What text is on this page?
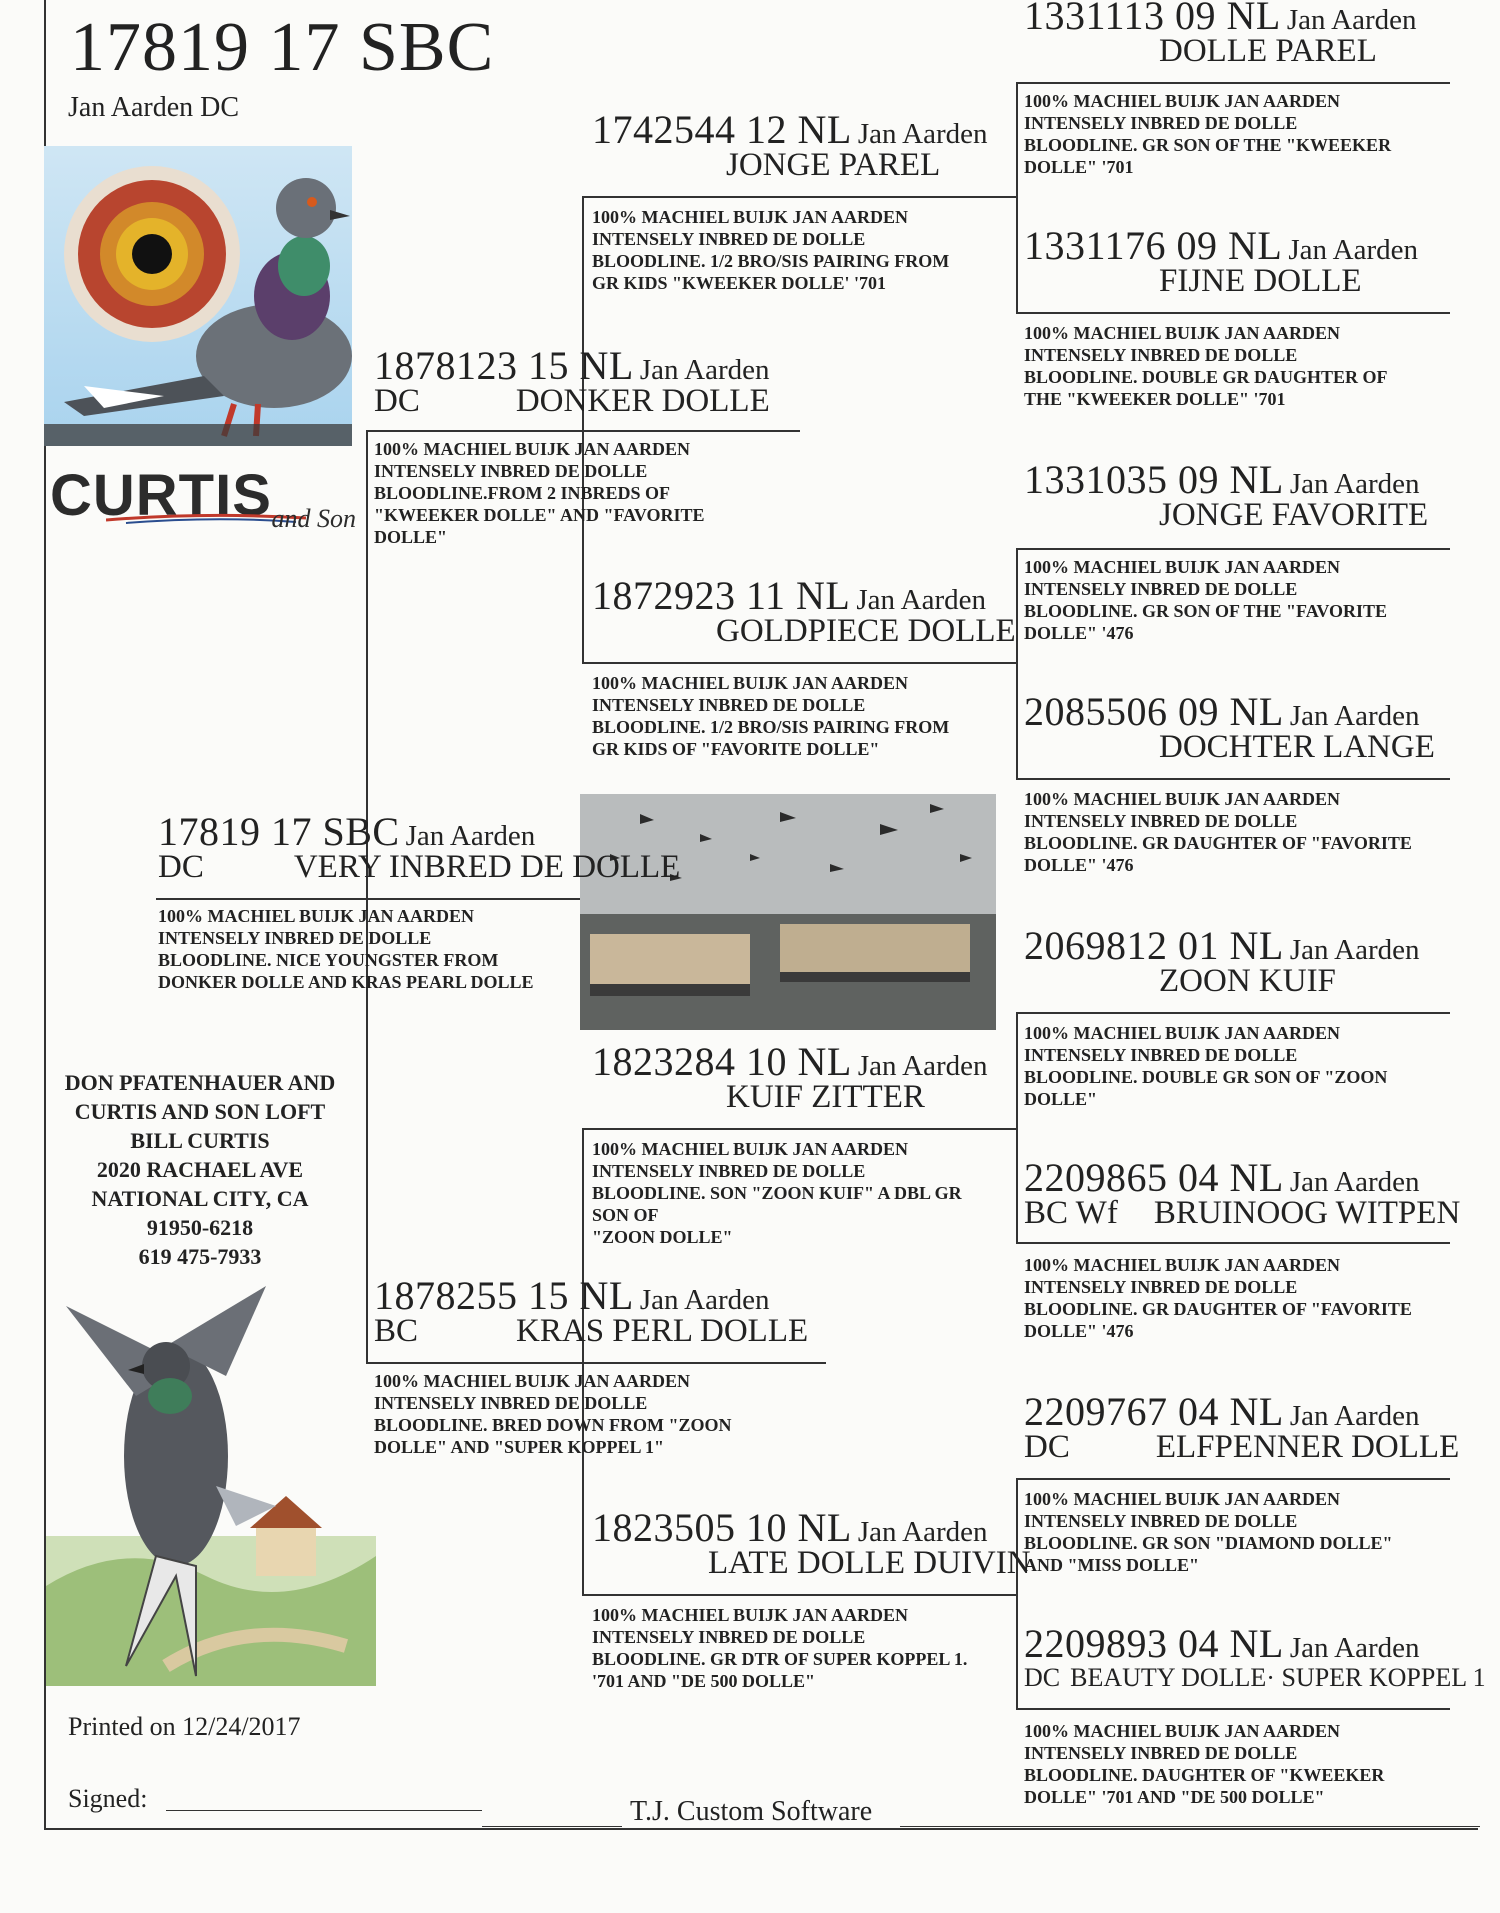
17819 17 SBC
Jan Aarden DC
CURTIS and Son
DON PFATENHAUER AND
CURTIS AND SON LOFT
BILL CURTIS
2020 RACHAEL AVE
NATIONAL CITY, CA
91950-6218
619 475-7933
Printed on 12/24/2017
Signed:	T.J. Custom Software
17819 17 SBC Jan Aarden
DC	VERY INBRED DE DOLLE
100% MACHIEL BUIJK JAN AARDEN
INTENSELY INBRED DE DOLLE
BLOODLINE. NICE YOUNGSTER FROM
DONKER DOLLE AND KRAS PEARL DOLLE
1878123 15 NL Jan Aarden
DC	DONKER DOLLE
100% MACHIEL BUIJK JAN AARDEN
INTENSELY INBRED DE DOLLE
BLOODLINE.FROM 2 INBREDS OF
"KWEEKER DOLLE" AND "FAVORITE
DOLLE"
1878255 15 NL Jan Aarden
BC	KRAS PERL DOLLE
100% MACHIEL BUIJK JAN AARDEN
INTENSELY INBRED DE DOLLE
BLOODLINE. BRED DOWN FROM "ZOON
DOLLE" AND "SUPER KOPPEL 1"
1742544 12 NL Jan Aarden
JONGE PAREL
100% MACHIEL BUIJK JAN AARDEN
INTENSELY INBRED DE DOLLE
BLOODLINE. 1/2 BRO/SIS PAIRING FROM
GR KIDS "KWEEKER DOLLE' '701
1872923 11 NL Jan Aarden
GOLDPIECE DOLLE
100% MACHIEL BUIJK JAN AARDEN
INTENSELY INBRED DE DOLLE
BLOODLINE. 1/2 BRO/SIS PAIRING FROM
GR KIDS OF "FAVORITE DOLLE"
1823284 10 NL Jan Aarden
KUIF ZITTER
100% MACHIEL BUIJK JAN AARDEN
INTENSELY INBRED DE DOLLE
BLOODLINE. SON "ZOON KUIF" A DBL GR
SON OF
"ZOON DOLLE"
1823505 10 NL Jan Aarden
LATE DOLLE DUIVIN
100% MACHIEL BUIJK JAN AARDEN
INTENSELY INBRED DE DOLLE
BLOODLINE. GR DTR OF SUPER KOPPEL 1.
'701 AND "DE 500 DOLLE"
1331113 09 NL Jan Aarden
DOLLE PAREL
100% MACHIEL BUIJK JAN AARDEN
INTENSELY INBRED DE DOLLE
BLOODLINE. GR SON OF THE "KWEEKER
DOLLE" '701
1331176 09 NL Jan Aarden
FIJNE DOLLE
100% MACHIEL BUIJK JAN AARDEN
INTENSELY INBRED DE DOLLE
BLOODLINE. DOUBLE GR DAUGHTER OF
THE "KWEEKER DOLLE" '701
1331035 09 NL Jan Aarden
JONGE FAVORITE
100% MACHIEL BUIJK JAN AARDEN
INTENSELY INBRED DE DOLLE
BLOODLINE. GR SON OF THE "FAVORITE
DOLLE" '476
2085506 09 NL Jan Aarden
DOCHTER LANGE
100% MACHIEL BUIJK JAN AARDEN
INTENSELY INBRED DE DOLLE
BLOODLINE. GR DAUGHTER OF "FAVORITE
DOLLE" '476
2069812 01 NL Jan Aarden
ZOON KUIF
100% MACHIEL BUIJK JAN AARDEN
INTENSELY INBRED DE DOLLE
BLOODLINE. DOUBLE GR SON OF "ZOON
DOLLE"
2209865 04 NL Jan Aarden
BC Wf BRUINOOG WITPEN
100% MACHIEL BUIJK JAN AARDEN
INTENSELY INBRED DE DOLLE
BLOODLINE. GR DAUGHTER OF "FAVORITE
DOLLE" '476
2209767 04 NL Jan Aarden
DC	ELFPENNER DOLLE
100% MACHIEL BUIJK JAN AARDEN
INTENSELY INBRED DE DOLLE
BLOODLINE. GR SON "DIAMOND DOLLE"
AND "MISS DOLLE"
2209893 04 NL Jan Aarden
DC BEAUTY DOLLE· SUPER KOPPEL 1
100% MACHIEL BUIJK JAN AARDEN
INTENSELY INBRED DE DOLLE
BLOODLINE. DAUGHTER OF "KWEEKER
DOLLE" '701 AND "DE 500 DOLLE"
